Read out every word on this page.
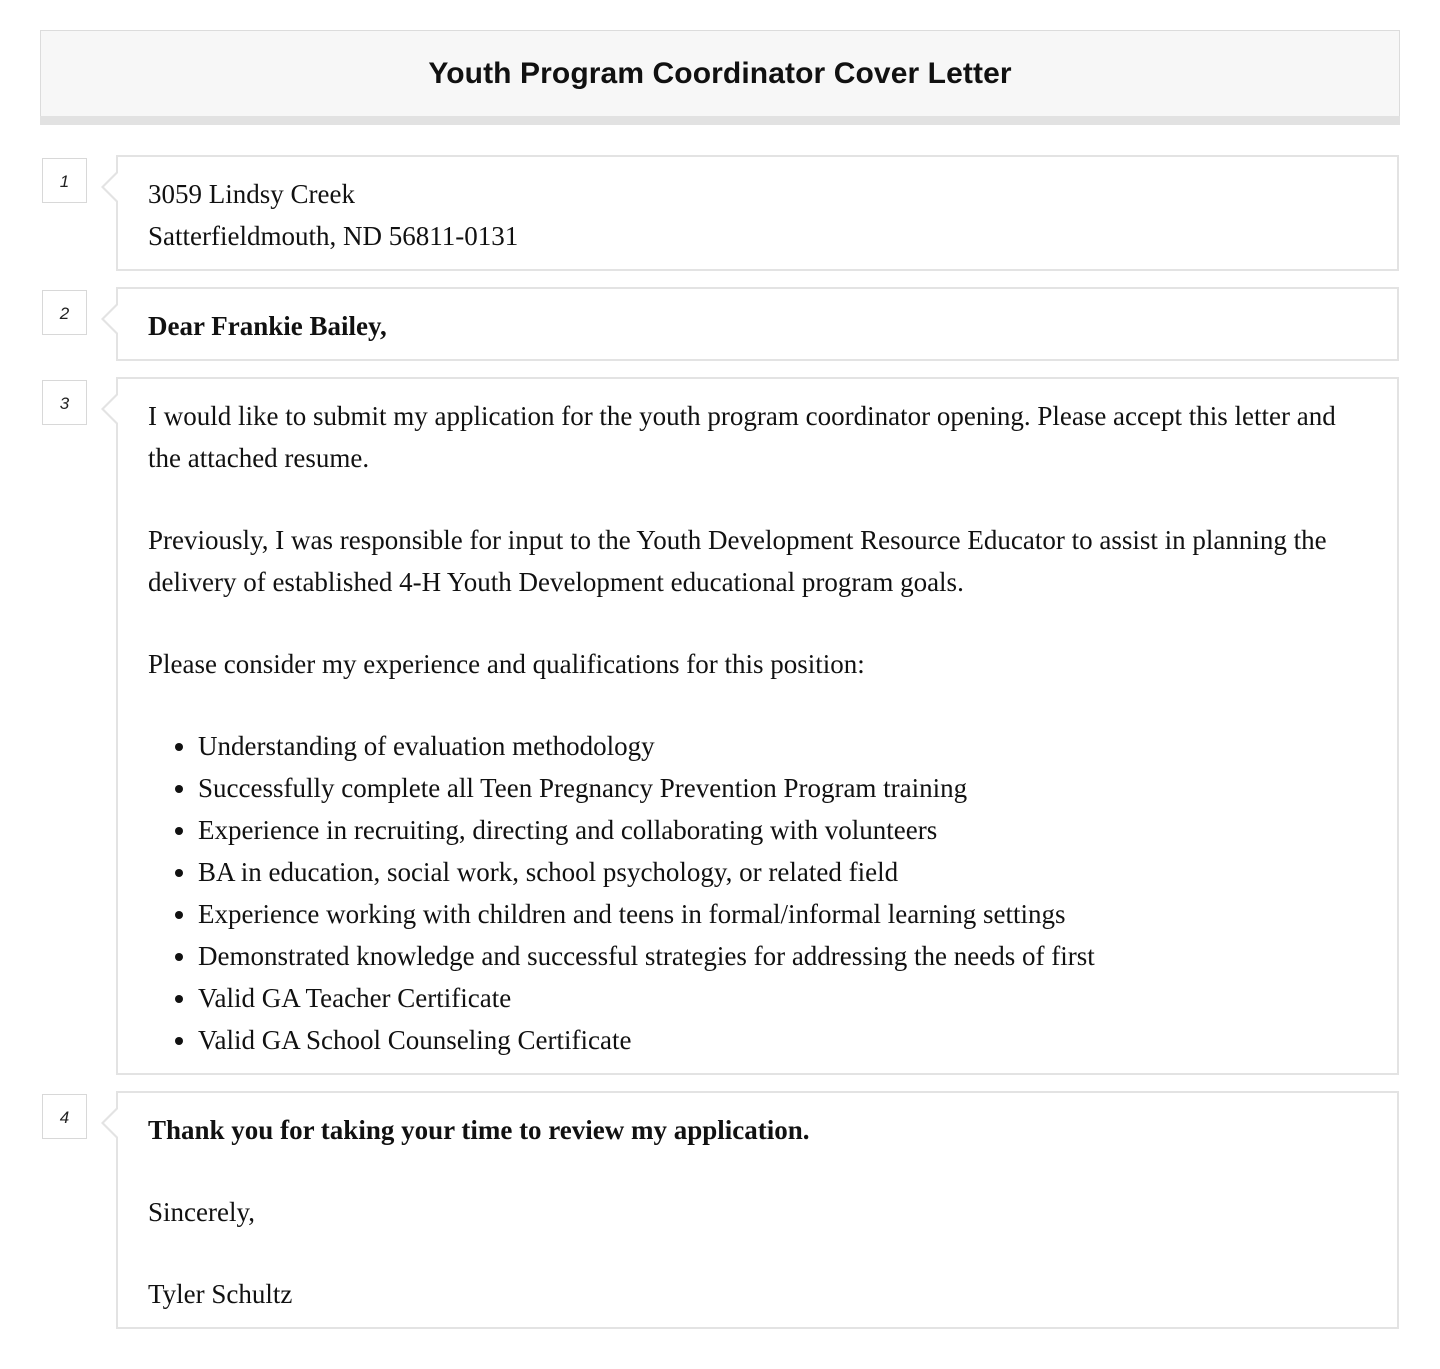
Youth Program Coordinator Cover Letter
1	3059 Lindsy Creek
Satterfieldmouth, ND 56811-0131
2	Dear Frankie Bailey,
3	I would like to submit my application for the youth program coordinator opening. Please accept this letter and the attached resume.

Previously, I was responsible for input to the Youth Development Resource Educator to assist in planning the delivery of established 4-H Youth Development educational program goals.

Please consider my experience and qualifications for this position:

• Understanding of evaluation methodology
• Successfully complete all Teen Pregnancy Prevention Program training
• Experience in recruiting, directing and collaborating with volunteers
• BA in education, social work, school psychology, or related field
• Experience working with children and teens in formal/informal learning settings
• Demonstrated knowledge and successful strategies for addressing the needs of first
• Valid GA Teacher Certificate
• Valid GA School Counseling Certificate
4	Thank you for taking your time to review my application.

Sincerely,

Tyler Schultz
